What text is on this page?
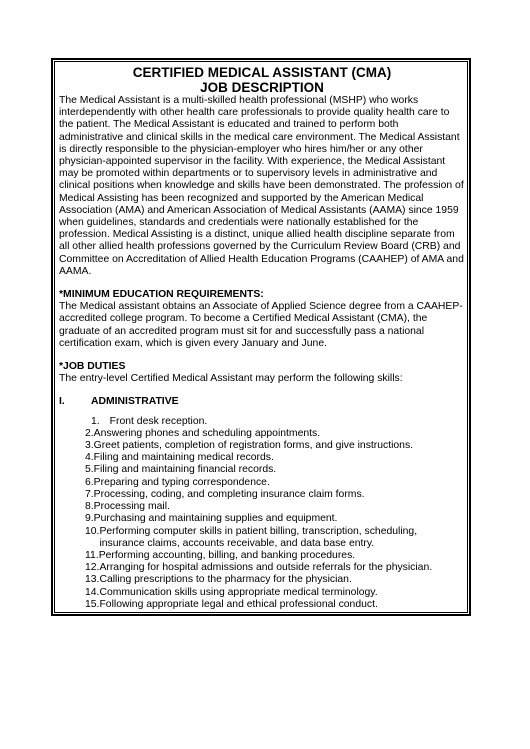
CERTIFIED MEDICAL ASSISTANT (CMA)
JOB DESCRIPTION

The Medical Assistant is a multi-skilled health professional (MSHP) who works interdependently with other health care professionals to provide quality health care to the patient. The Medical Assistant is educated and trained to perform both administrative and clinical skills in the medical care environment. The Medical Assistant is directly responsible to the physician-employer who hires him/her or any other physician-appointed supervisor in the facility. With experience, the Medical Assistant may be promoted within departments or to supervisory levels in administrative and clinical positions when knowledge and skills have been demonstrated. The profession of Medical Assisting has been recognized and supported by the American Medical Association (AMA) and American Association of Medical Assistants (AAMA) since 1959 when guidelines, standards and credentials were nationally established for the profession. Medical Assisting is a distinct, unique allied health discipline separate from all other allied health professions governed by the Curriculum Review Board (CRB) and Committee on Accreditation of Allied Health Education Programs (CAAHEP) of AMA and AAMA.

*MINIMUM EDUCATION REQUIREMENTS:

The Medical assistant obtains an Associate of Applied Science degree from a CAAHEP-accredited college program. To become a Certified Medical Assistant (CMA), the graduate of an accredited program must sit for and successfully pass a national certification exam, which is given every January and June.

*JOB DUTIES

The entry-level Certified Medical Assistant may perform the following skills:

I.	ADMINISTRATIVE
1. Front desk reception.
2. Answering phones and scheduling appointments.
3. Greet patients, completion of registration forms, and give instructions.
4. Filing and maintaining medical records.
5. Filing and maintaining financial records.
6. Preparing and typing correspondence.
7. Processing, coding, and completing insurance claim forms.
8. Processing mail.
9. Purchasing and maintaining supplies and equipment.
10. Performing computer skills in patient billing, transcription, scheduling, insurance claims, accounts receivable, and data base entry.
11. Performing accounting, billing, and banking procedures.
12. Arranging for hospital admissions and outside referrals for the physician.
13. Calling prescriptions to the pharmacy for the physician.
14. Communication skills using appropriate medical terminology.
15. Following appropriate legal and ethical professional conduct.
